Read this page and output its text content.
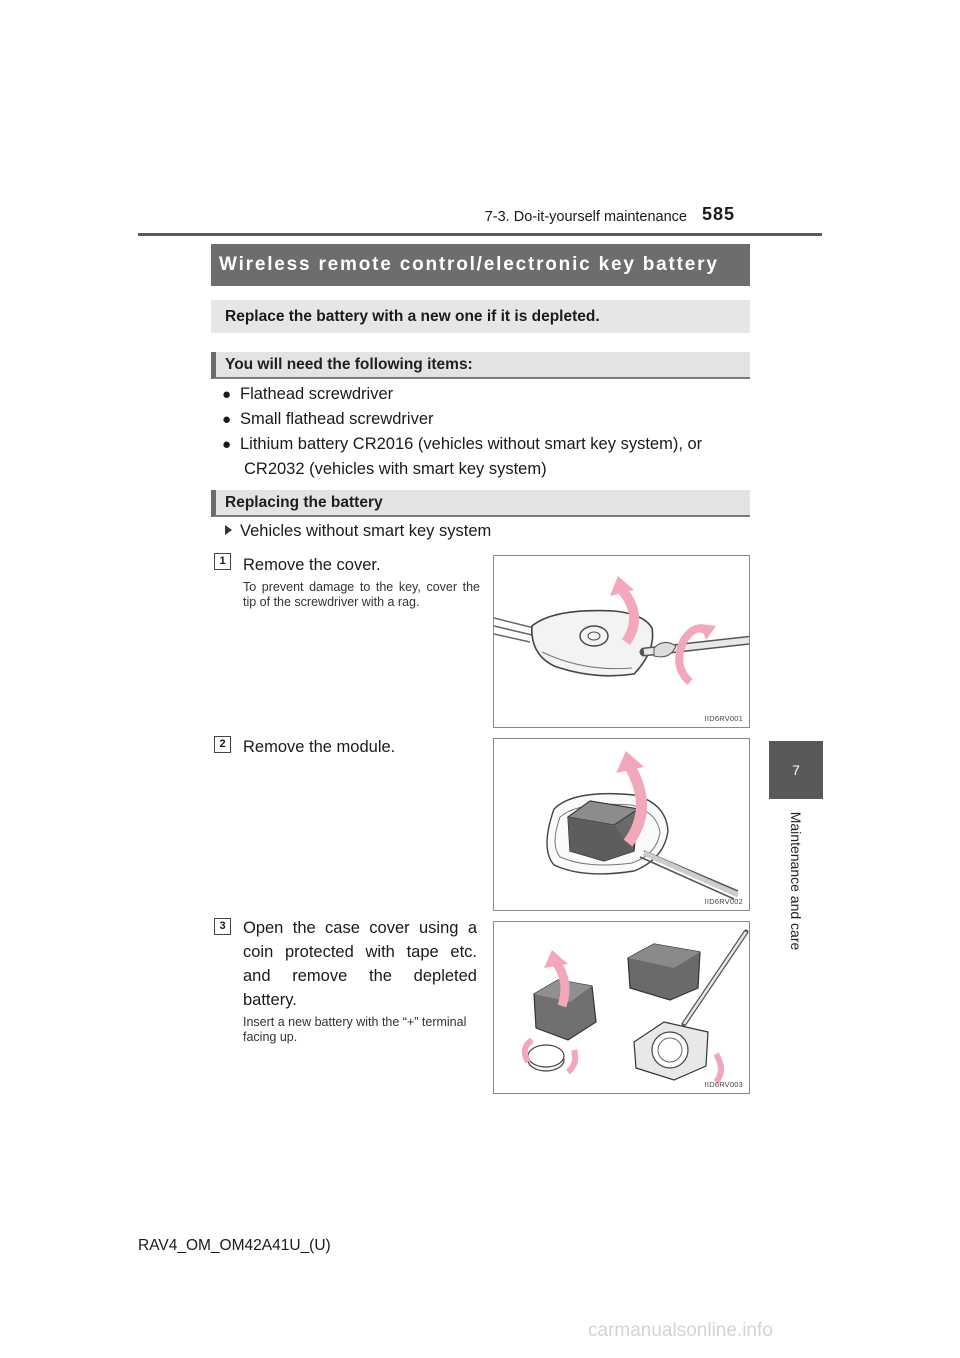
7-3. Do-it-yourself maintenance 585
7
Maintenance and care
Wireless remote control/electronic key battery
Replace the battery with a new one if it is depleted.
You will need the following items:
● Flathead screwdriver
● Small flathead screwdriver
● Lithium battery CR2016 (vehicles without smart key system), or
CR2032 (vehicles with smart key system)
Replacing the battery
Vehicles without smart key system
1	Remove the cover.
To prevent damage to the key, cover the tip of the screwdriver with a rag.
IID6RV001
2	Remove the module.
IID6RV002
3	Open the case cover using a coin protected with tape etc. and remove the depleted battery.
Insert a new battery with the “+” terminal facing up.
IID6RV003
RAV4_OM_OM42A41U_(U)
carmanualsonline.info
